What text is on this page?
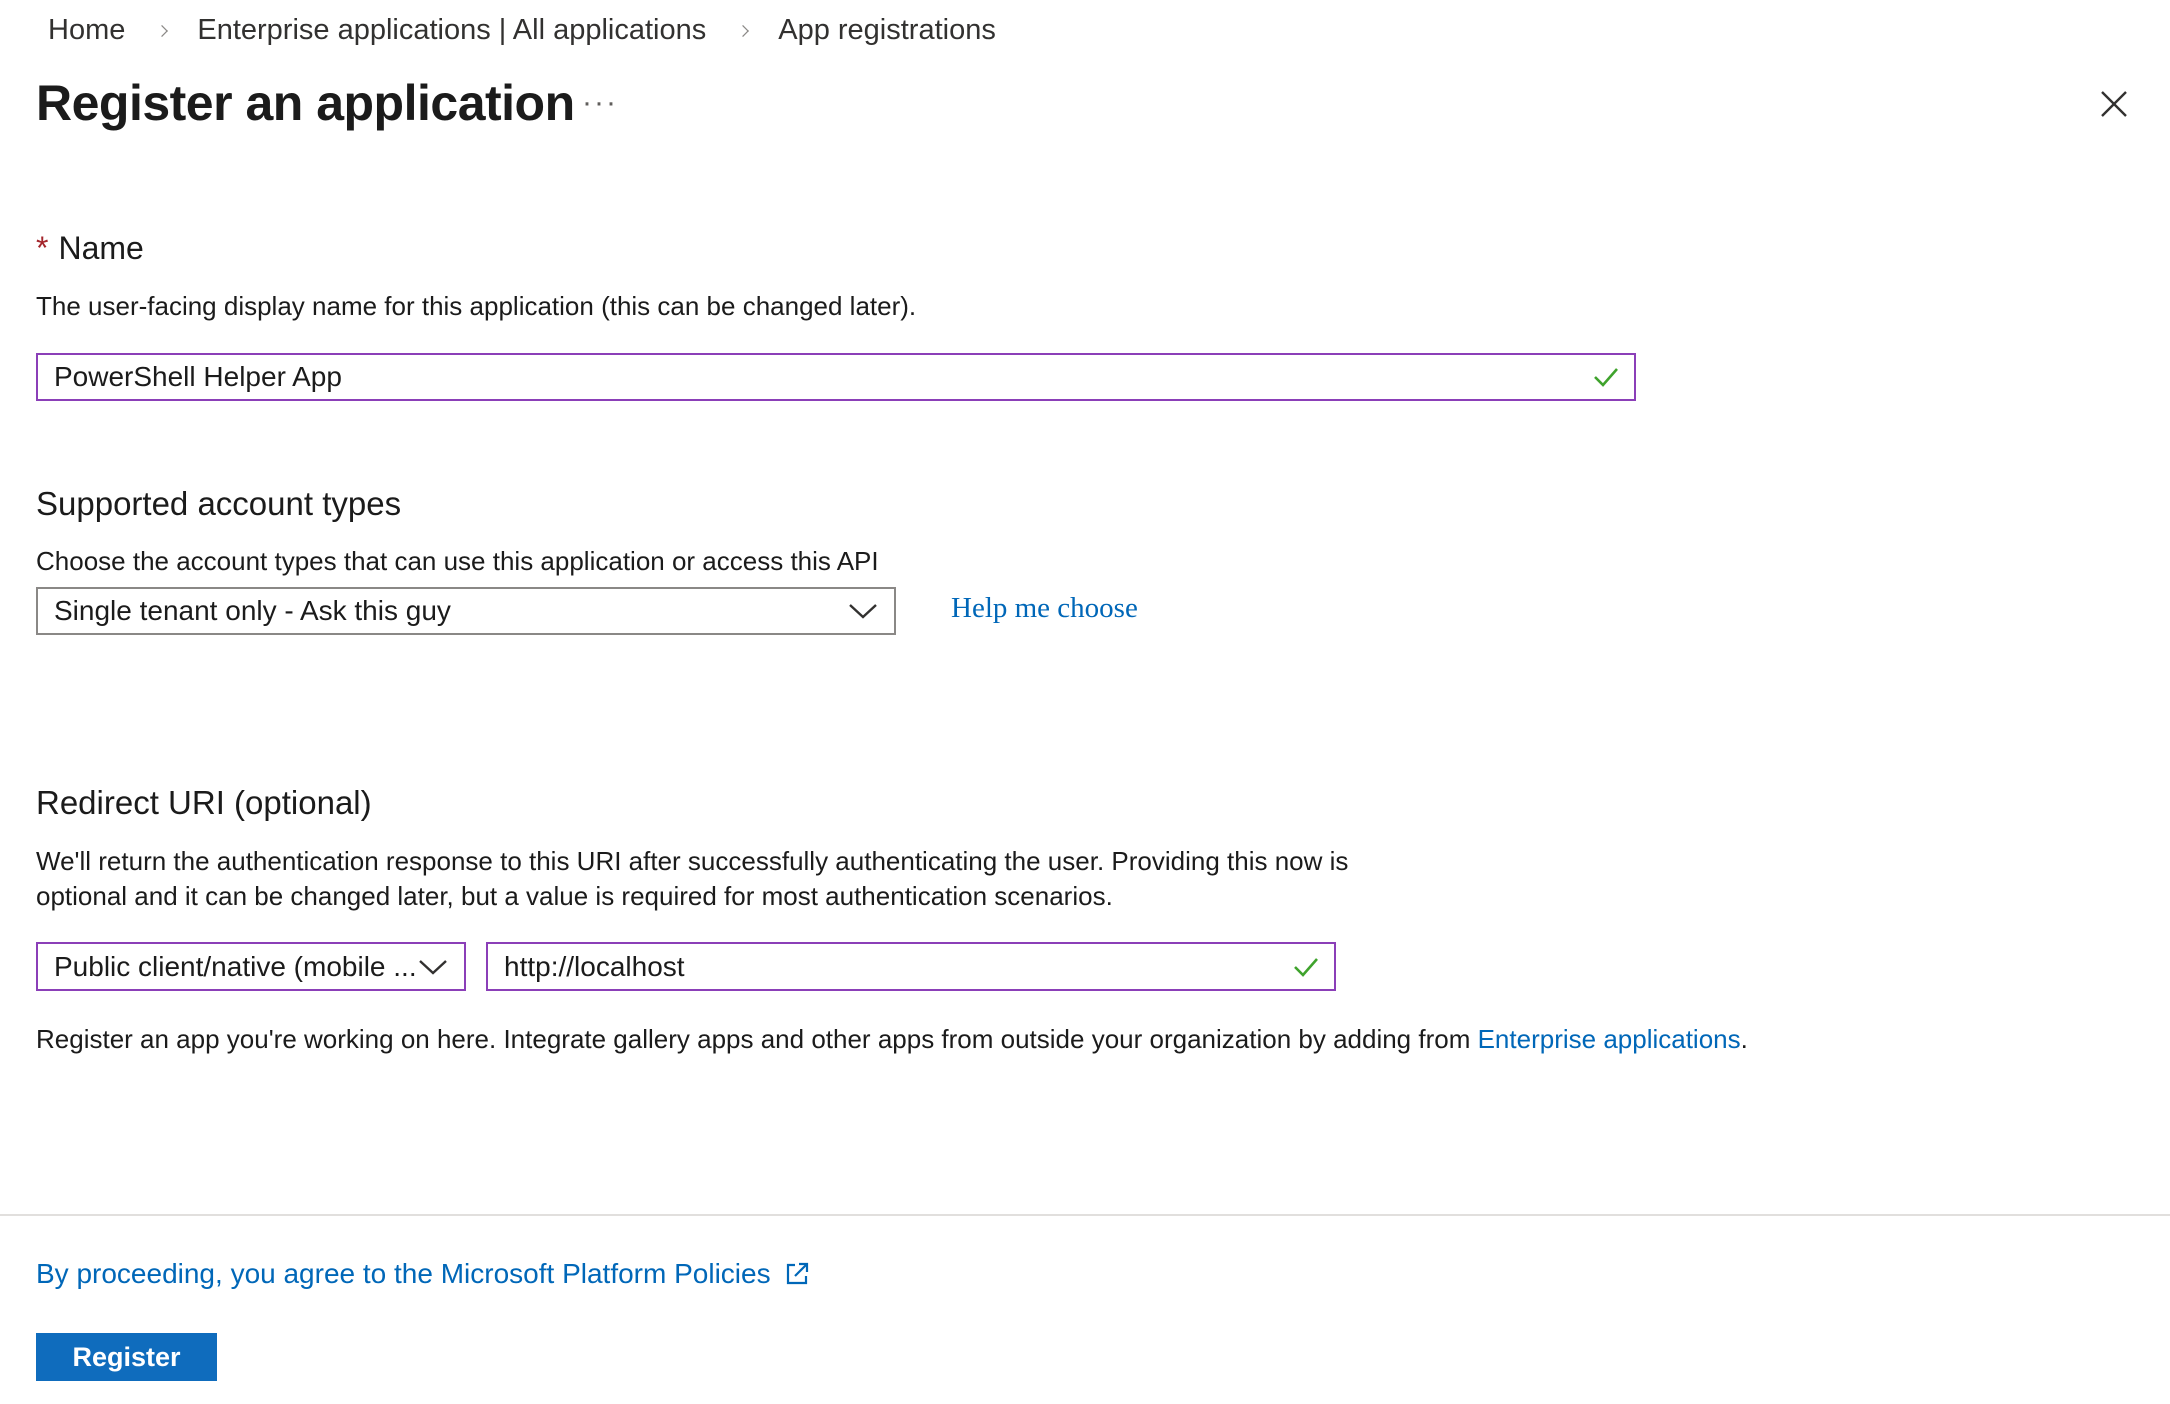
Home Enterprise applications | All applications App registrations
Register an application ···
* Name
The user-facing display name for this application (this can be changed later).
PowerShell Helper App
Supported account types
Choose the account types that can use this application or access this API
Single tenant only - Ask this guy	Help me choose
Redirect URI (optional)
We'll return the authentication response to this URI after successfully authenticating the user. Providing this now is
optional and it can be changed later, but a value is required for most authentication scenarios.
Public client/native (mobile ...	http://localhost
Register an app you're working on here. Integrate gallery apps and other apps from outside your organization by adding from Enterprise applications.
By proceeding, you agree to the Microsoft Platform Policies
Register
